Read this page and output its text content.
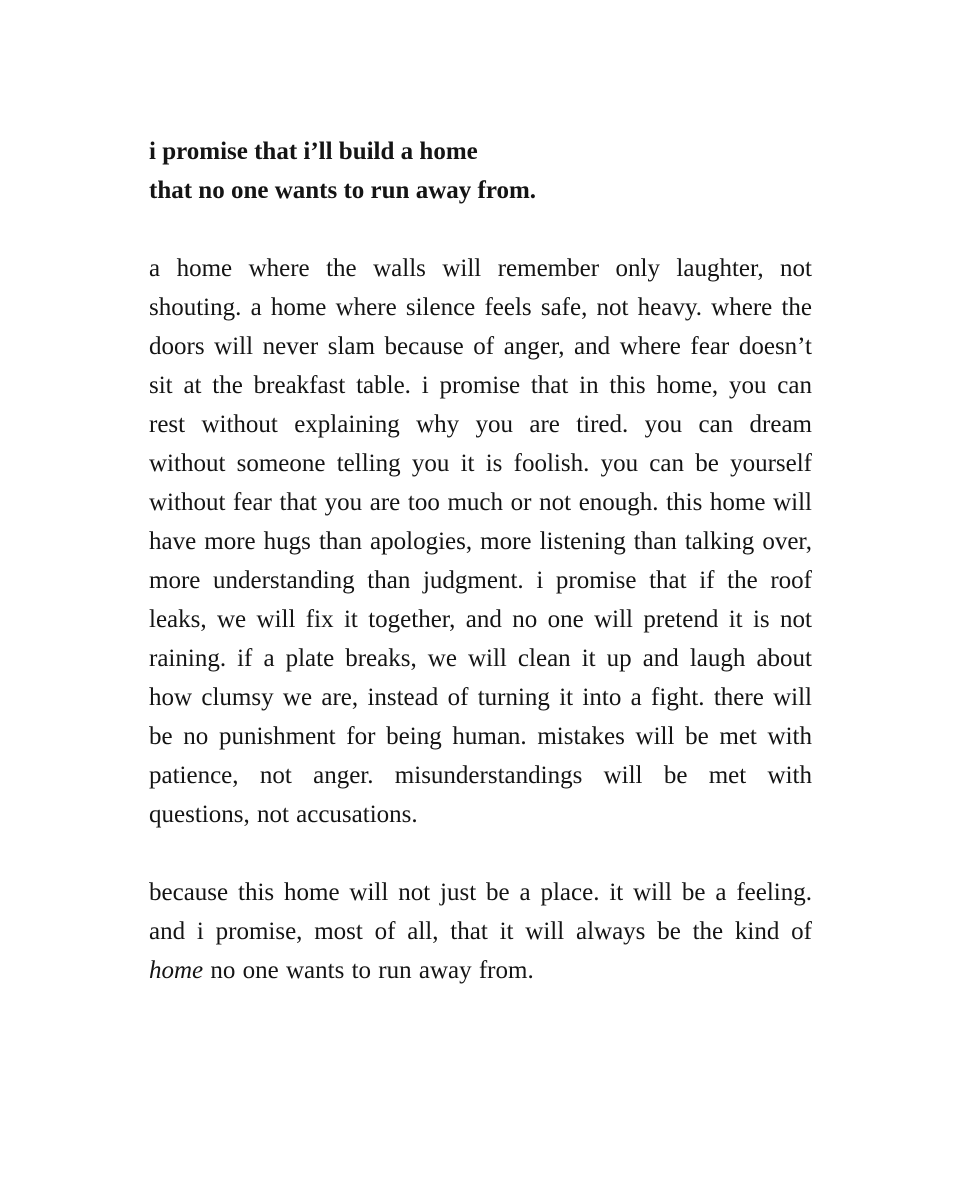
i promise that i’ll build a home
that no one wants to run away from.

a home where the walls will remember only laughter, not shouting. a home where silence feels safe, not heavy. where the doors will never slam because of anger, and where fear doesn’t sit at the breakfast table. i promise that in this home, you can rest without explaining why you are tired. you can dream without someone telling you it is foolish. you can be yourself without fear that you are too much or not enough. this home will have more hugs than apologies, more listening than talking over, more understanding than judgment. i promise that if the roof leaks, we will fix it together, and no one will pretend it is not raining. if a plate breaks, we will clean it up and laugh about how clumsy we are, instead of turning it into a fight. there will be no punishment for being human. mistakes will be met with patience, not anger. misunderstandings will be met with questions, not accusations.

because this home will not just be a place. it will be a feeling. and i promise, most of all, that it will always be the kind of home no one wants to run away from.
